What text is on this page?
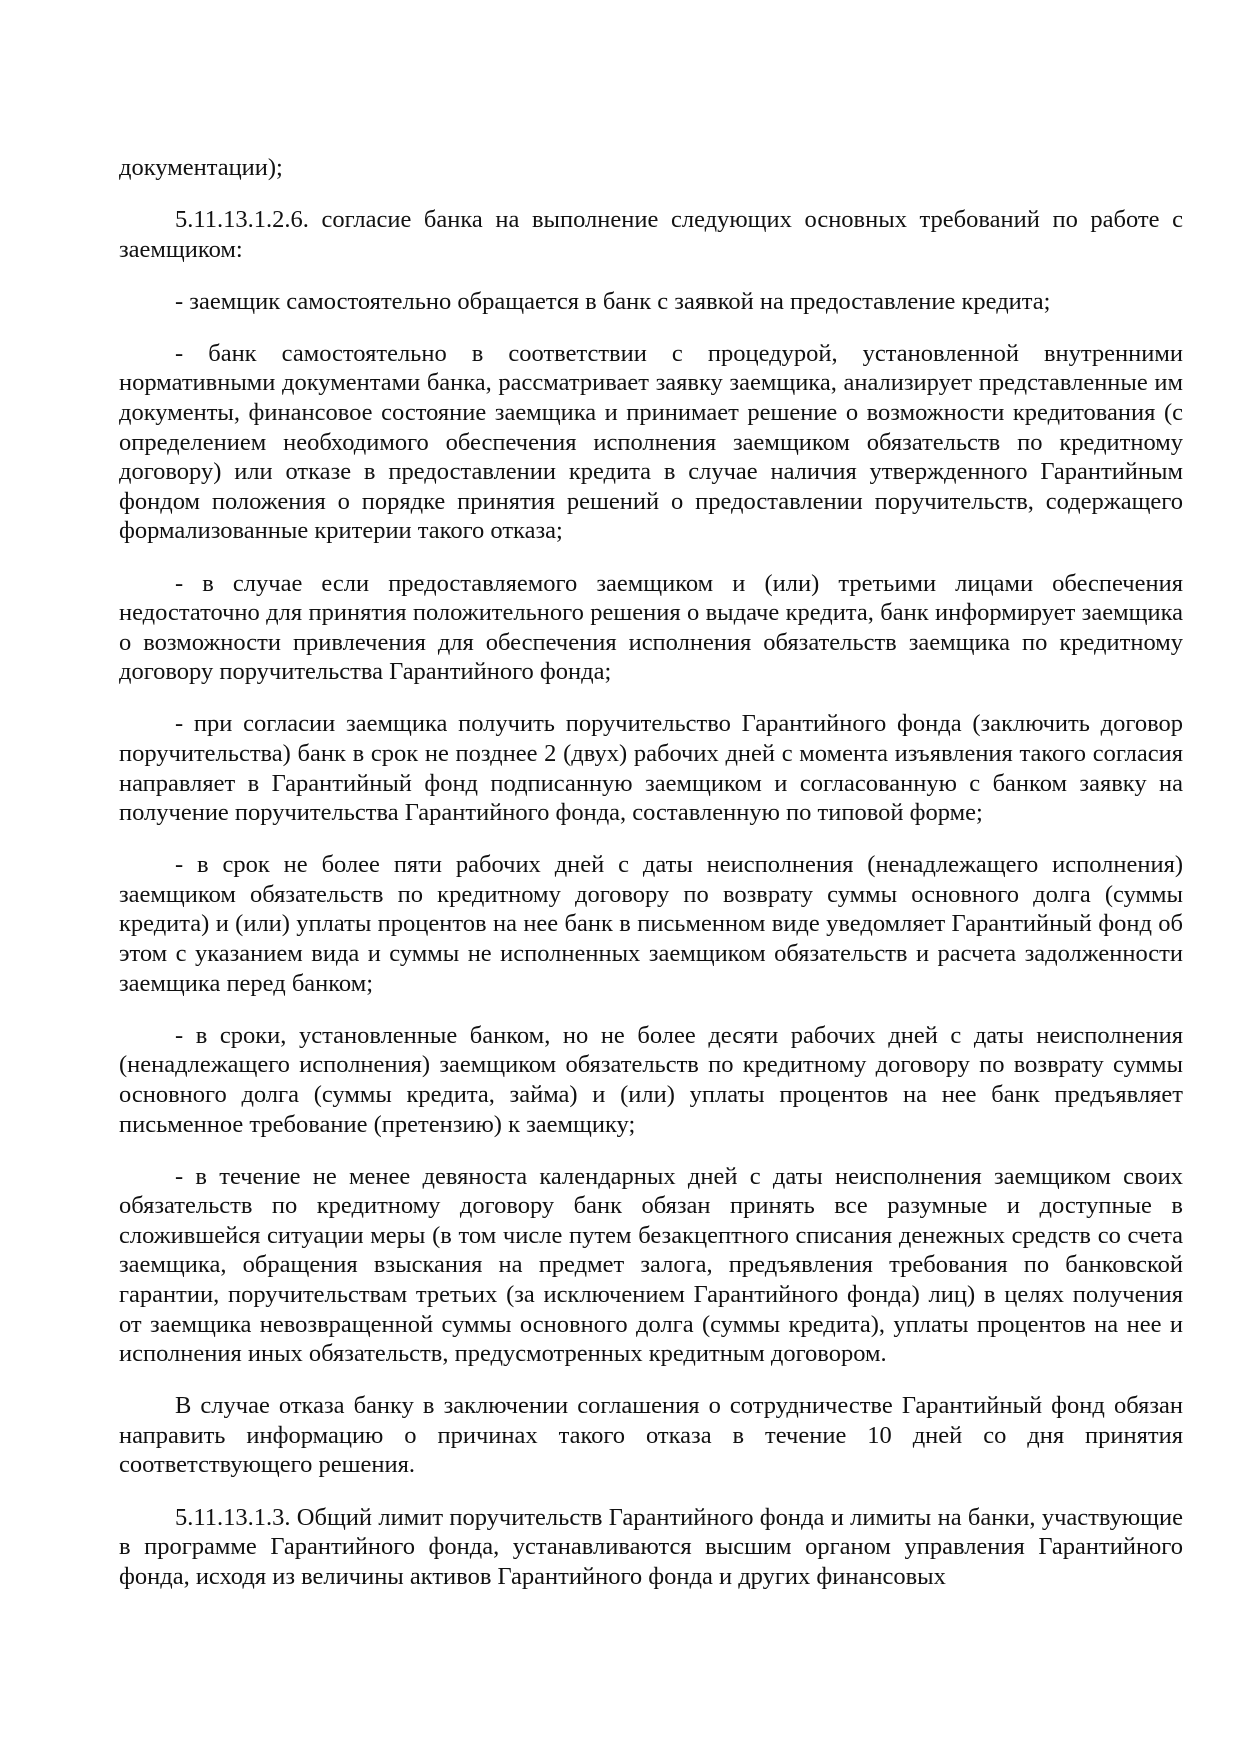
документации);

5.11.13.1.2.6. согласие банка на выполнение следующих основных требований по работе с заемщиком:

- заемщик самостоятельно обращается в банк с заявкой на предоставление кредита;

- банк самостоятельно в соответствии с процедурой, установленной внутренними нормативными документами банка, рассматривает заявку заемщика, анализирует представленные им документы, финансовое состояние заемщика и принимает решение о возможности кредитования (с определением необходимого обеспечения исполнения заемщиком обязательств по кредитному договору) или отказе в предоставлении кредита в случае наличия утвержденного Гарантийным фондом положения о порядке принятия решений о предоставлении поручительств, содержащего формализованные критерии такого отказа;

- в случае если предоставляемого заемщиком и (или) третьими лицами обеспечения недостаточно для принятия положительного решения о выдаче кредита, банк информирует заемщика о возможности привлечения для обеспечения исполнения обязательств заемщика по кредитному договору поручительства Гарантийного фонда;

- при согласии заемщика получить поручительство Гарантийного фонда (заключить договор поручительства) банк в срок не позднее 2 (двух) рабочих дней с момента изъявления такого согласия направляет в Гарантийный фонд подписанную заемщиком и согласованную с банком заявку на получение поручительства Гарантийного фонда, составленную по типовой форме;

- в срок не более пяти рабочих дней с даты неисполнения (ненадлежащего исполнения) заемщиком обязательств по кредитному договору по возврату суммы основного долга (суммы кредита) и (или) уплаты процентов на нее банк в письменном виде уведомляет Гарантийный фонд об этом с указанием вида и суммы не исполненных заемщиком обязательств и расчета задолженности заемщика перед банком;

- в сроки, установленные банком, но не более десяти рабочих дней с даты неисполнения (ненадлежащего исполнения) заемщиком обязательств по кредитному договору по возврату суммы основного долга (суммы кредита, займа) и (или) уплаты процентов на нее банк предъявляет письменное требование (претензию) к заемщику;

- в течение не менее девяноста календарных дней с даты неисполнения заемщиком своих обязательств по кредитному договору банк обязан принять все разумные и доступные в сложившейся ситуации меры (в том числе путем безакцептного списания денежных средств со счета заемщика, обращения взыскания на предмет залога, предъявления требования по банковской гарантии, поручительствам третьих (за исключением Гарантийного фонда) лиц) в целях получения от заемщика невозвращенной суммы основного долга (суммы кредита), уплаты процентов на нее и исполнения иных обязательств, предусмотренных кредитным договором.

В случае отказа банку в заключении соглашения о сотрудничестве Гарантийный фонд обязан направить информацию о причинах такого отказа в течение 10 дней со дня принятия соответствующего решения.

5.11.13.1.3. Общий лимит поручительств Гарантийного фонда и лимиты на банки, участвующие в программе Гарантийного фонда, устанавливаются высшим органом управления Гарантийного фонда, исходя из величины активов Гарантийного фонда и других финансовых
